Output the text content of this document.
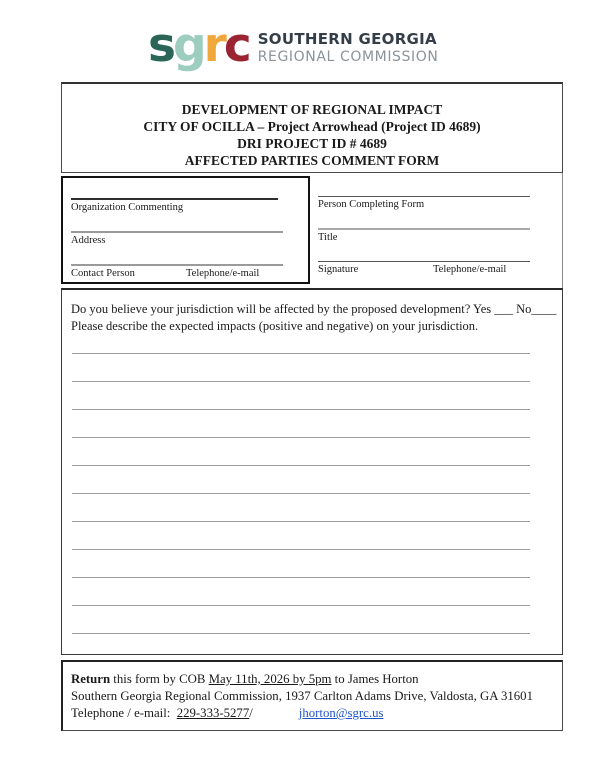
sgrc SOUTHERN GEORGIA
REGIONAL COMMISSION
DEVELOPMENT OF REGIONAL IMPACT
CITY OF OCILLA – Project Arrowhead (Project ID 4689)
DRI PROJECT ID # 4689
AFFECTED PARTIES COMMENT FORM
Organization Commenting
Address
Contact Person	Telephone/e-mail
Person Completing Form
Title
Signature	Telephone/e-mail
Do you believe your jurisdiction will be affected by the proposed development? Yes ___ No____
Please describe the expected impacts (positive and negative) on your jurisdiction.
Return this form by COB May 11th, 2026 by 5pm to James Horton
Southern Georgia Regional Commission, 1937 Carlton Adams Drive, Valdosta, GA 31601
Telephone / e-mail:  229-333-5277/	jhorton@sgrc.us
